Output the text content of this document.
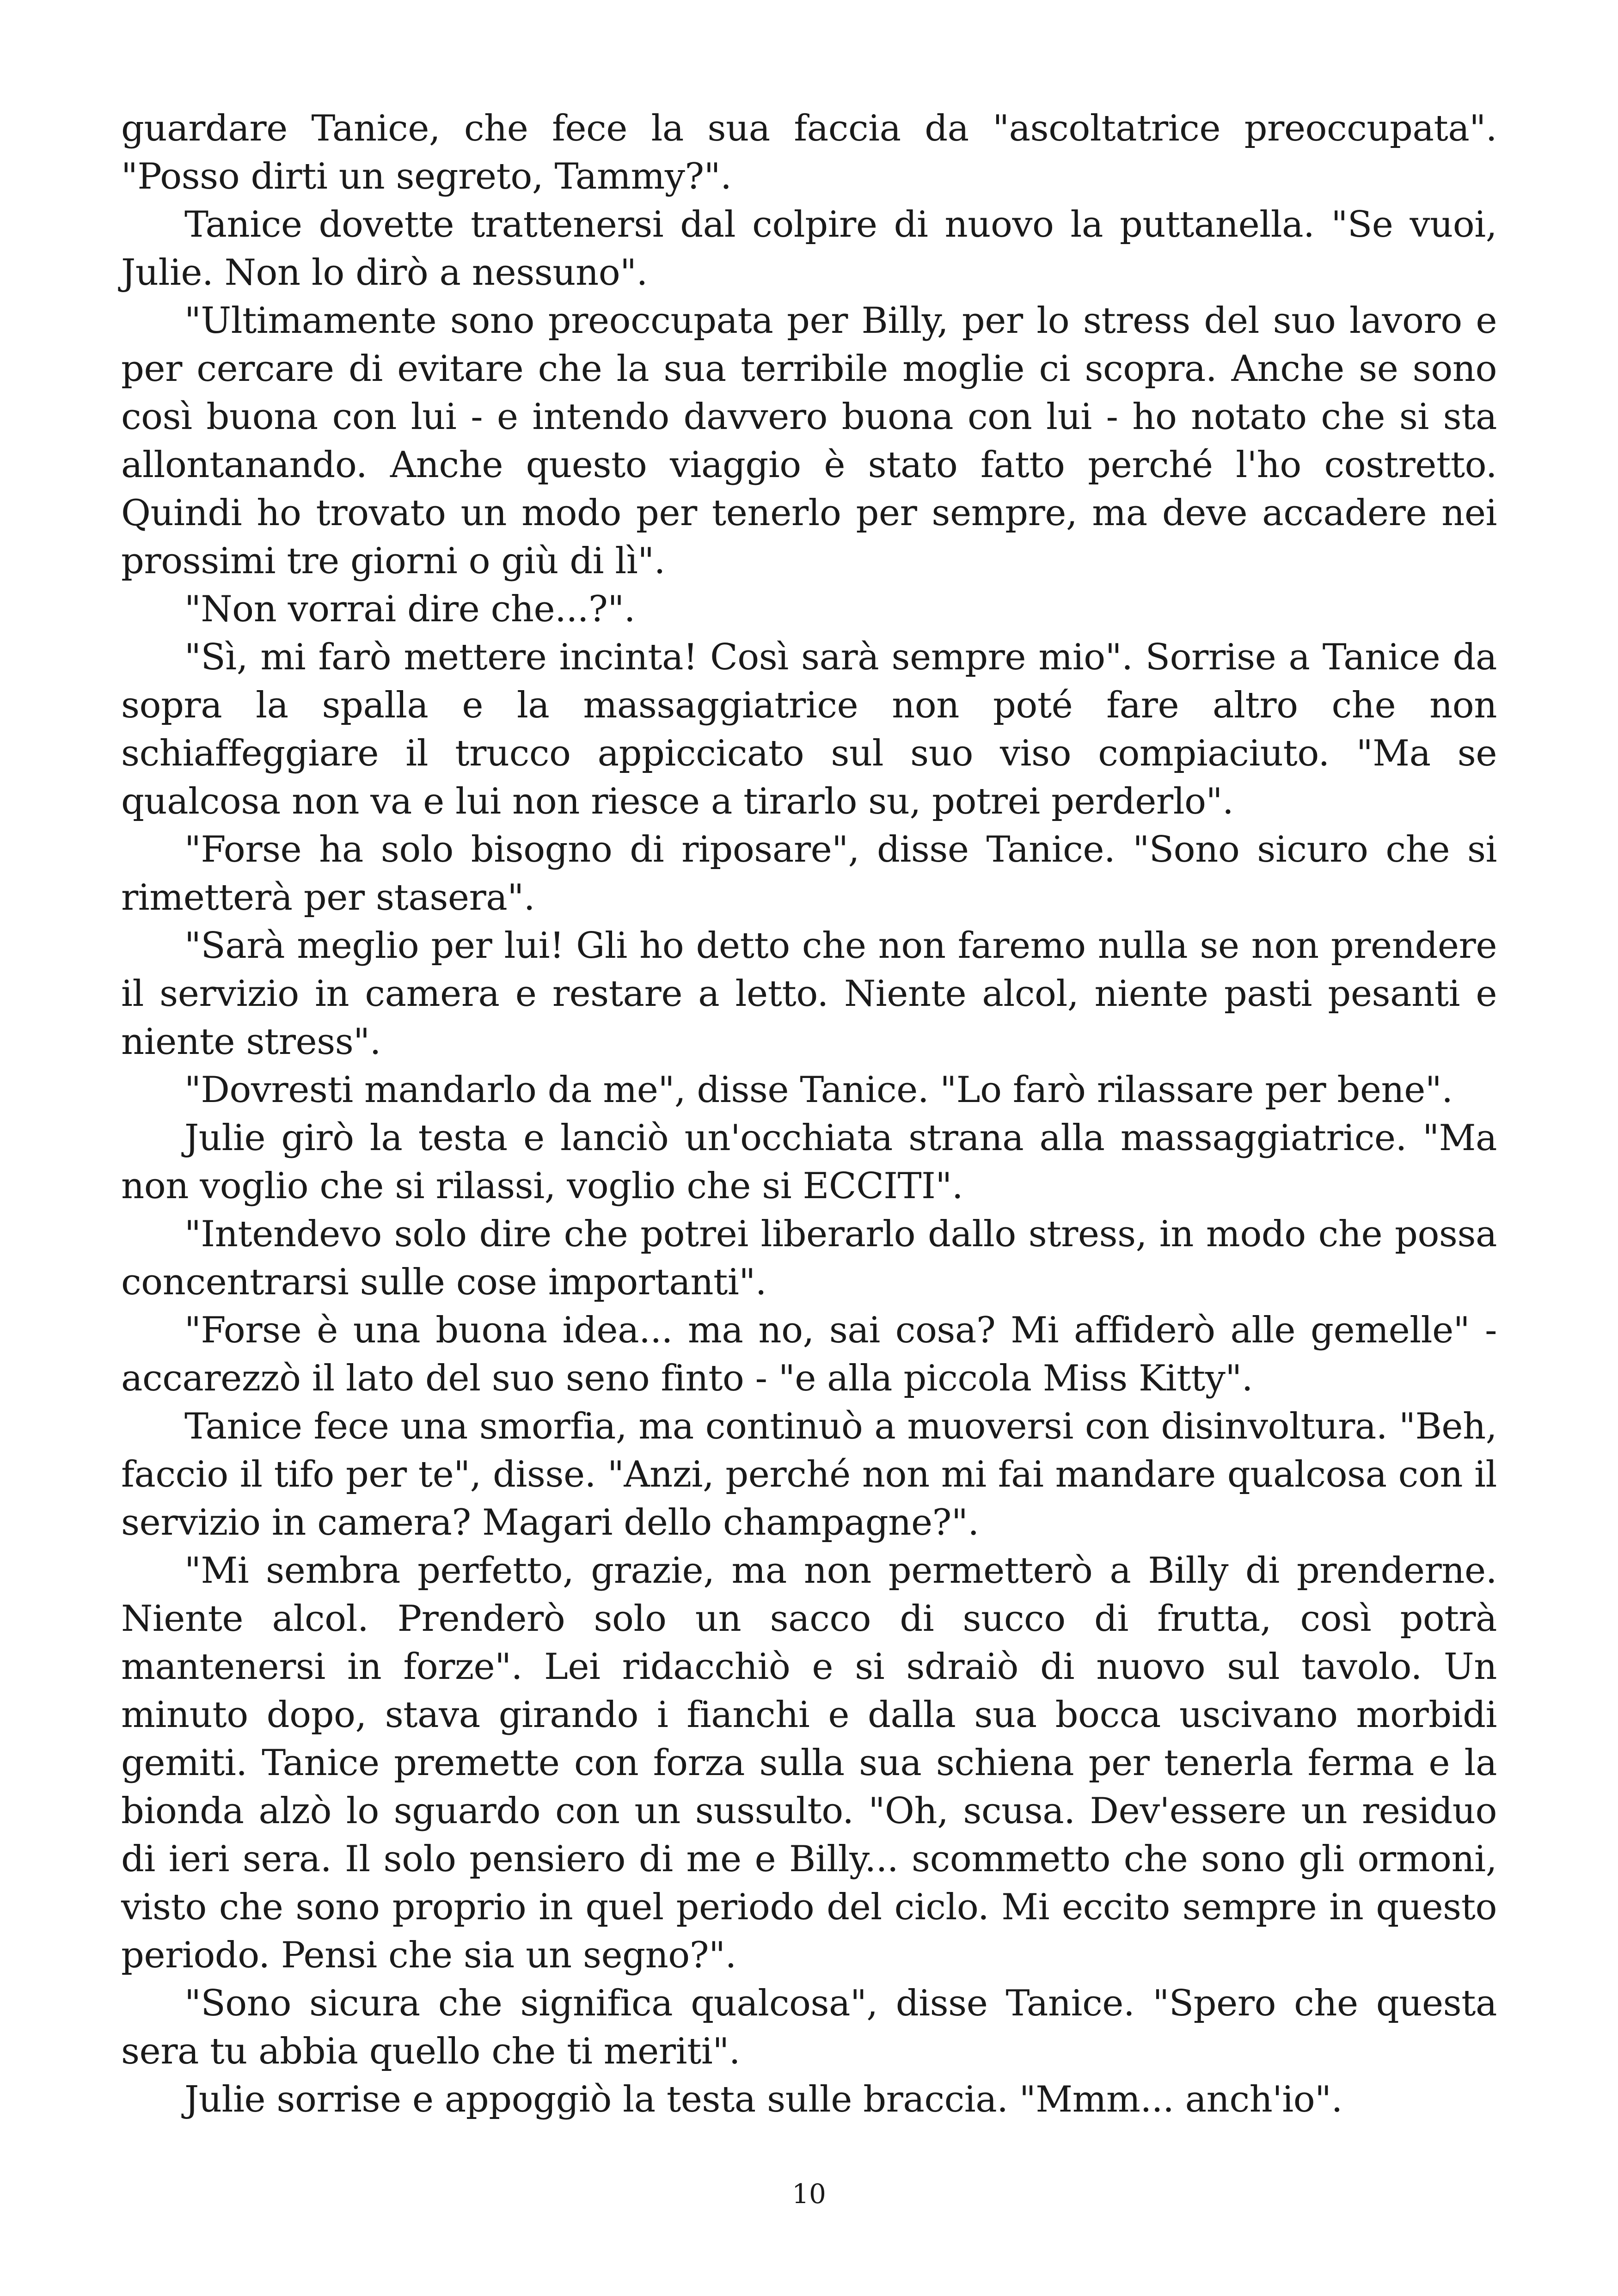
guardare Tanice, che fece la sua faccia da "ascoltatrice preoccupata". "Posso dirti un segreto, Tammy?".

Tanice dovette trattenersi dal colpire di nuovo la puttanella. "Se vuoi, Julie. Non lo dirò a nessuno".

"Ultimamente sono preoccupata per Billy, per lo stress del suo lavoro e per cercare di evitare che la sua terribile moglie ci scopra. Anche se sono così buona con lui - e intendo davvero buona con lui - ho notato che si sta allontanando. Anche questo viaggio è stato fatto perché l'ho costretto. Quindi ho trovato un modo per tenerlo per sempre, ma deve accadere nei prossimi tre giorni o giù di lì".

"Non vorrai dire che...?".

"Sì, mi farò mettere incinta! Così sarà sempre mio". Sorrise a Tanice da sopra la spalla e la massaggiatrice non poté fare altro che non schiaffeggiare il trucco appiccicato sul suo viso compiaciuto. "Ma se qualcosa non va e lui non riesce a tirarlo su, potrei perderlo".

"Forse ha solo bisogno di riposare", disse Tanice. "Sono sicuro che si rimetterà per stasera".

"Sarà meglio per lui! Gli ho detto che non faremo nulla se non prendere il servizio in camera e restare a letto. Niente alcol, niente pasti pesanti e niente stress".

"Dovresti mandarlo da me", disse Tanice. "Lo farò rilassare per bene".

Julie girò la testa e lanciò un'occhiata strana alla massaggiatrice. "Ma non voglio che si rilassi, voglio che si ECCITI".

"Intendevo solo dire che potrei liberarlo dallo stress, in modo che possa concentrarsi sulle cose importanti".

"Forse è una buona idea... ma no, sai cosa? Mi affiderò alle gemelle" - accarezzò il lato del suo seno finto - "e alla piccola Miss Kitty".

Tanice fece una smorfia, ma continuò a muoversi con disinvoltura. "Beh, faccio il tifo per te", disse. "Anzi, perché non mi fai mandare qualcosa con il servizio in camera? Magari dello champagne?".

"Mi sembra perfetto, grazie, ma non permetterò a Billy di prenderne. Niente alcol. Prenderò solo un sacco di succo di frutta, così potrà mantenersi in forze". Lei ridacchiò e si sdraiò di nuovo sul tavolo. Un minuto dopo, stava girando i fianchi e dalla sua bocca uscivano morbidi gemiti. Tanice premette con forza sulla sua schiena per tenerla ferma e la bionda alzò lo sguardo con un sussulto. "Oh, scusa. Dev'essere un residuo di ieri sera. Il solo pensiero di me e Billy... scommetto che sono gli ormoni, visto che sono proprio in quel periodo del ciclo. Mi eccito sempre in questo periodo. Pensi che sia un segno?".

"Sono sicura che significa qualcosa", disse Tanice. "Spero che questa sera tu abbia quello che ti meriti".

Julie sorrise e appoggiò la testa sulle braccia. "Mmm... anch'io".

10
